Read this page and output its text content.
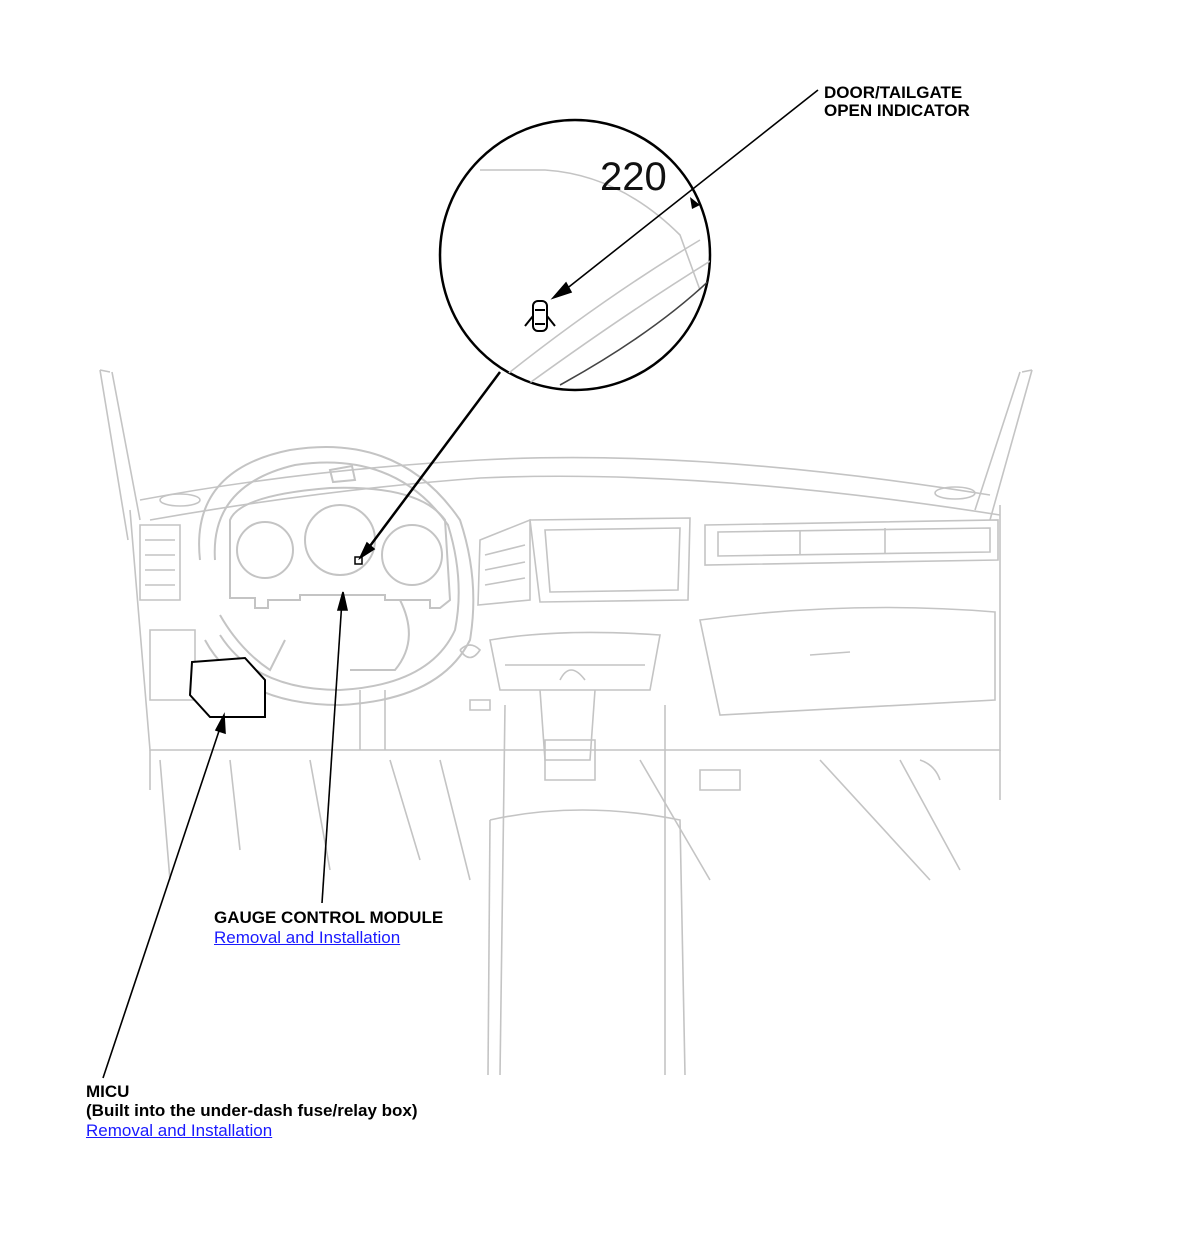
220
DOOR/TAILGATE
OPEN INDICATOR
GAUGE CONTROL MODULE
Removal and Installation
MICU
(Built into the under-dash fuse/relay box)
Removal and Installation
